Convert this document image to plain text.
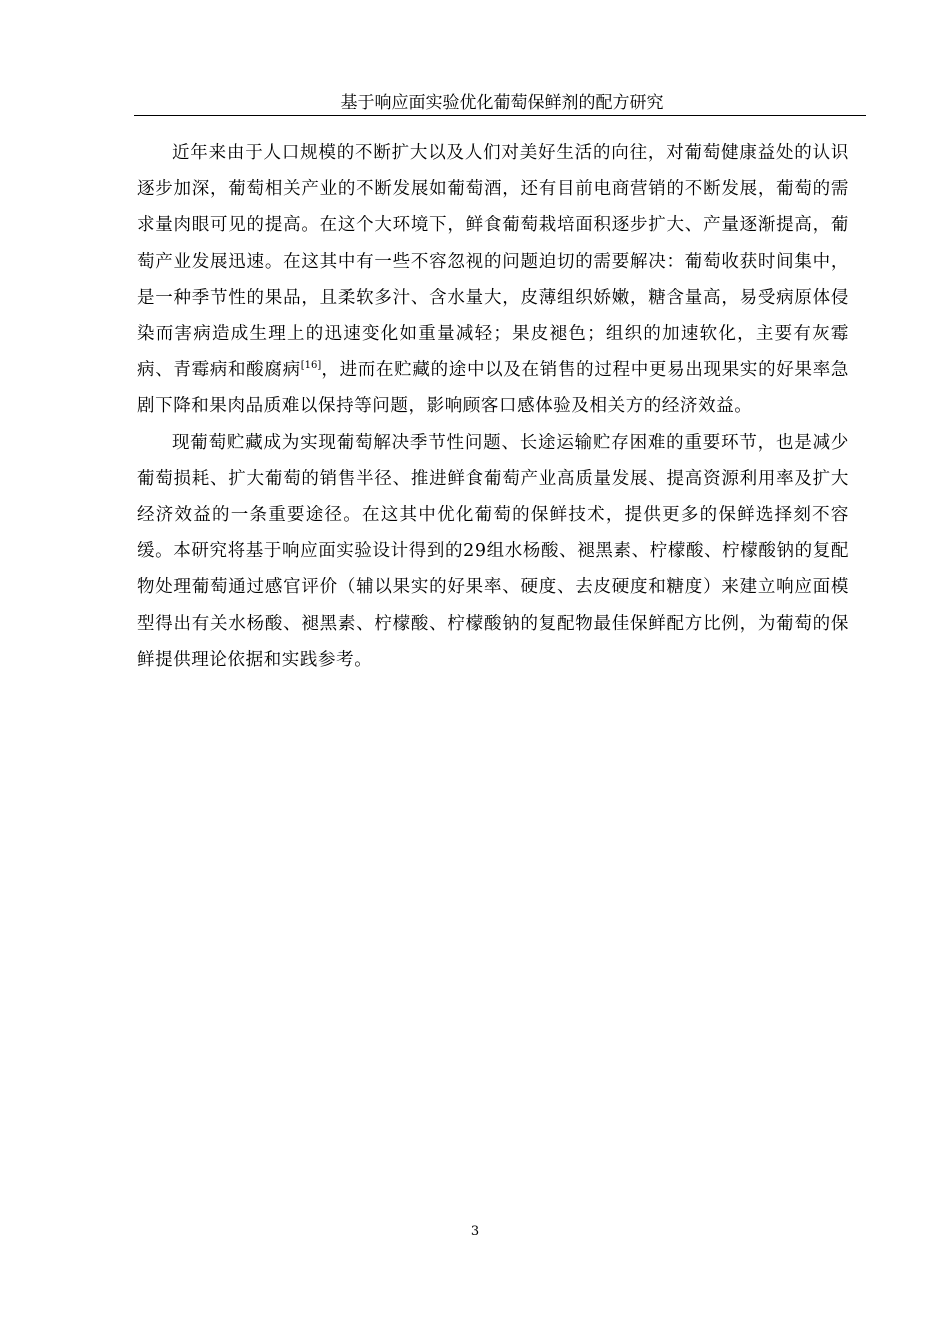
基于响应面实验优化葡萄保鲜剂的配方研究

近年来由于人口规模的不断扩大以及人们对美好生活的向往，对葡萄健康益处的认识逐步加深，葡萄相关产业的不断发展如葡萄酒，还有目前电商营销的不断发展，葡萄的需求量肉眼可见的提高。在这个大环境下，鲜食葡萄栽培面积逐步扩大、产量逐渐提高，葡萄产业发展迅速。在这其中有一些不容忽视的问题迫切的需要解决：葡萄收获时间集中，是一种季节性的果品，且柔软多汁、含水量大，皮薄组织娇嫩，糖含量高，易受病原体侵染而害病造成生理上的迅速变化如重量减轻；果皮褪色；组织的加速软化，主要有灰霉病、青霉病和酸腐病[16]，进而在贮藏的途中以及在销售的过程中更易出现果实的好果率急剧下降和果肉品质难以保持等问题，影响顾客口感体验及相关方的经济效益。

现葡萄贮藏成为实现葡萄解决季节性问题、长途运输贮存困难的重要环节，也是减少葡萄损耗、扩大葡萄的销售半径、推进鲜食葡萄产业高质量发展、提高资源利用率及扩大经济效益的一条重要途径。在这其中优化葡萄的保鲜技术，提供更多的保鲜选择刻不容缓。本研究将基于响应面实验设计得到的29组水杨酸、褪黑素、柠檬酸、柠檬酸钠的复配物处理葡萄通过感官评价（辅以果实的好果率、硬度、去皮硬度和糖度）来建立响应面模型得出有关水杨酸、褪黑素、柠檬酸、柠檬酸钠的复配物最佳保鲜配方比例，为葡萄的保鲜提供理论依据和实践参考。

3
